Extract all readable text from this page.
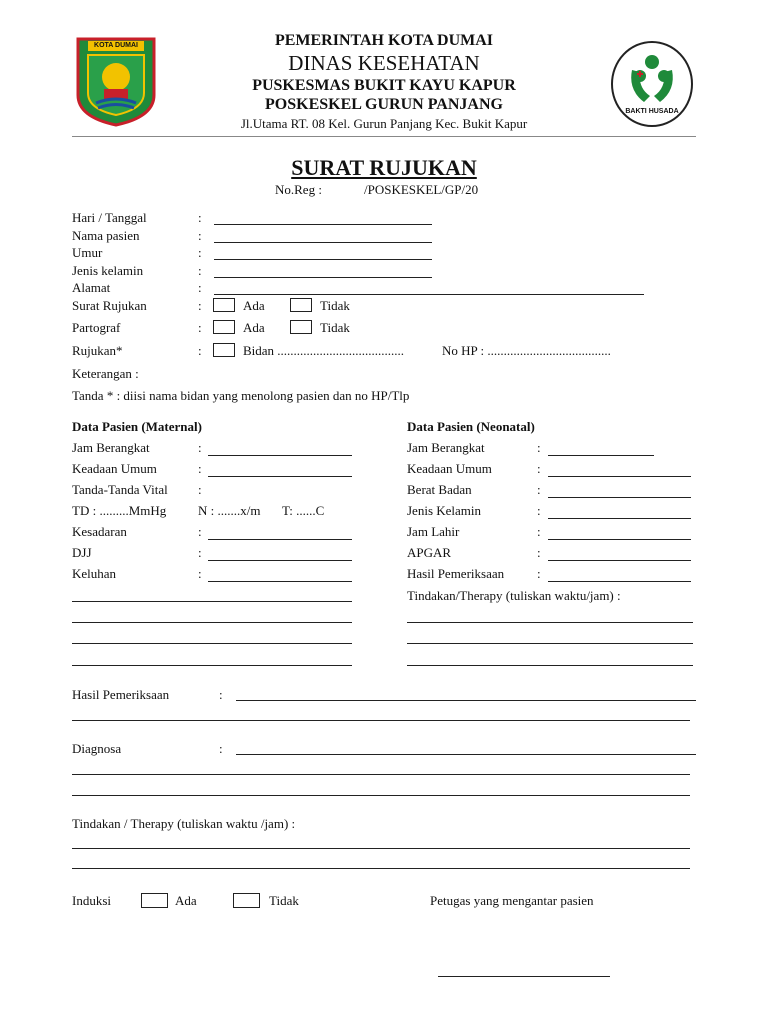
KOTA DUMAI
BAKTI HUSADA
PEMERINTAH KOTA DUMAI
DINAS KESEHATAN
PUSKESMAS BUKIT KAYU KAPUR
POSKESKEL GURUN PANJANG
Jl.Utama RT. 08 Kel. Gurun Panjang Kec. Bukit Kapur
SURAT RUJUKAN
No.Reg :	/POSKESKEL/GP/20
Hari / Tanggal	:
Nama pasien	:
Umur	:
Jenis kelamin	:
Alamat	:
Surat Rujukan	:	Ada	Tidak
Partograf	:	Ada	Tidak
Rujukan*	:	Bidan .......................................	No HP : ......................................
Keterangan :
Tanda * : diisi nama bidan yang menolong pasien dan no HP/Tlp
Data Pasien (Maternal)
Jam Berangkat	:
Keadaan Umum	:
Tanda-Tanda Vital :
TD : .........MmHg N : .......x/m T: ......C
Kesadaran	:
DJJ	:
Keluhan	:
Data Pasien (Neonatal)
Jam Berangkat	:
Keadaan Umum	:
Berat Badan	:
Jenis Kelamin	:
Jam Lahir	:
APGAR	:
Hasil Pemeriksaan	:
Tindakan/Therapy (tuliskan waktu/jam) :
Hasil Pemeriksaan	:
Diagnosa	:
Tindakan / Therapy (tuliskan waktu /jam) :
Induksi	Ada	Tidak	Petugas yang mengantar pasien
